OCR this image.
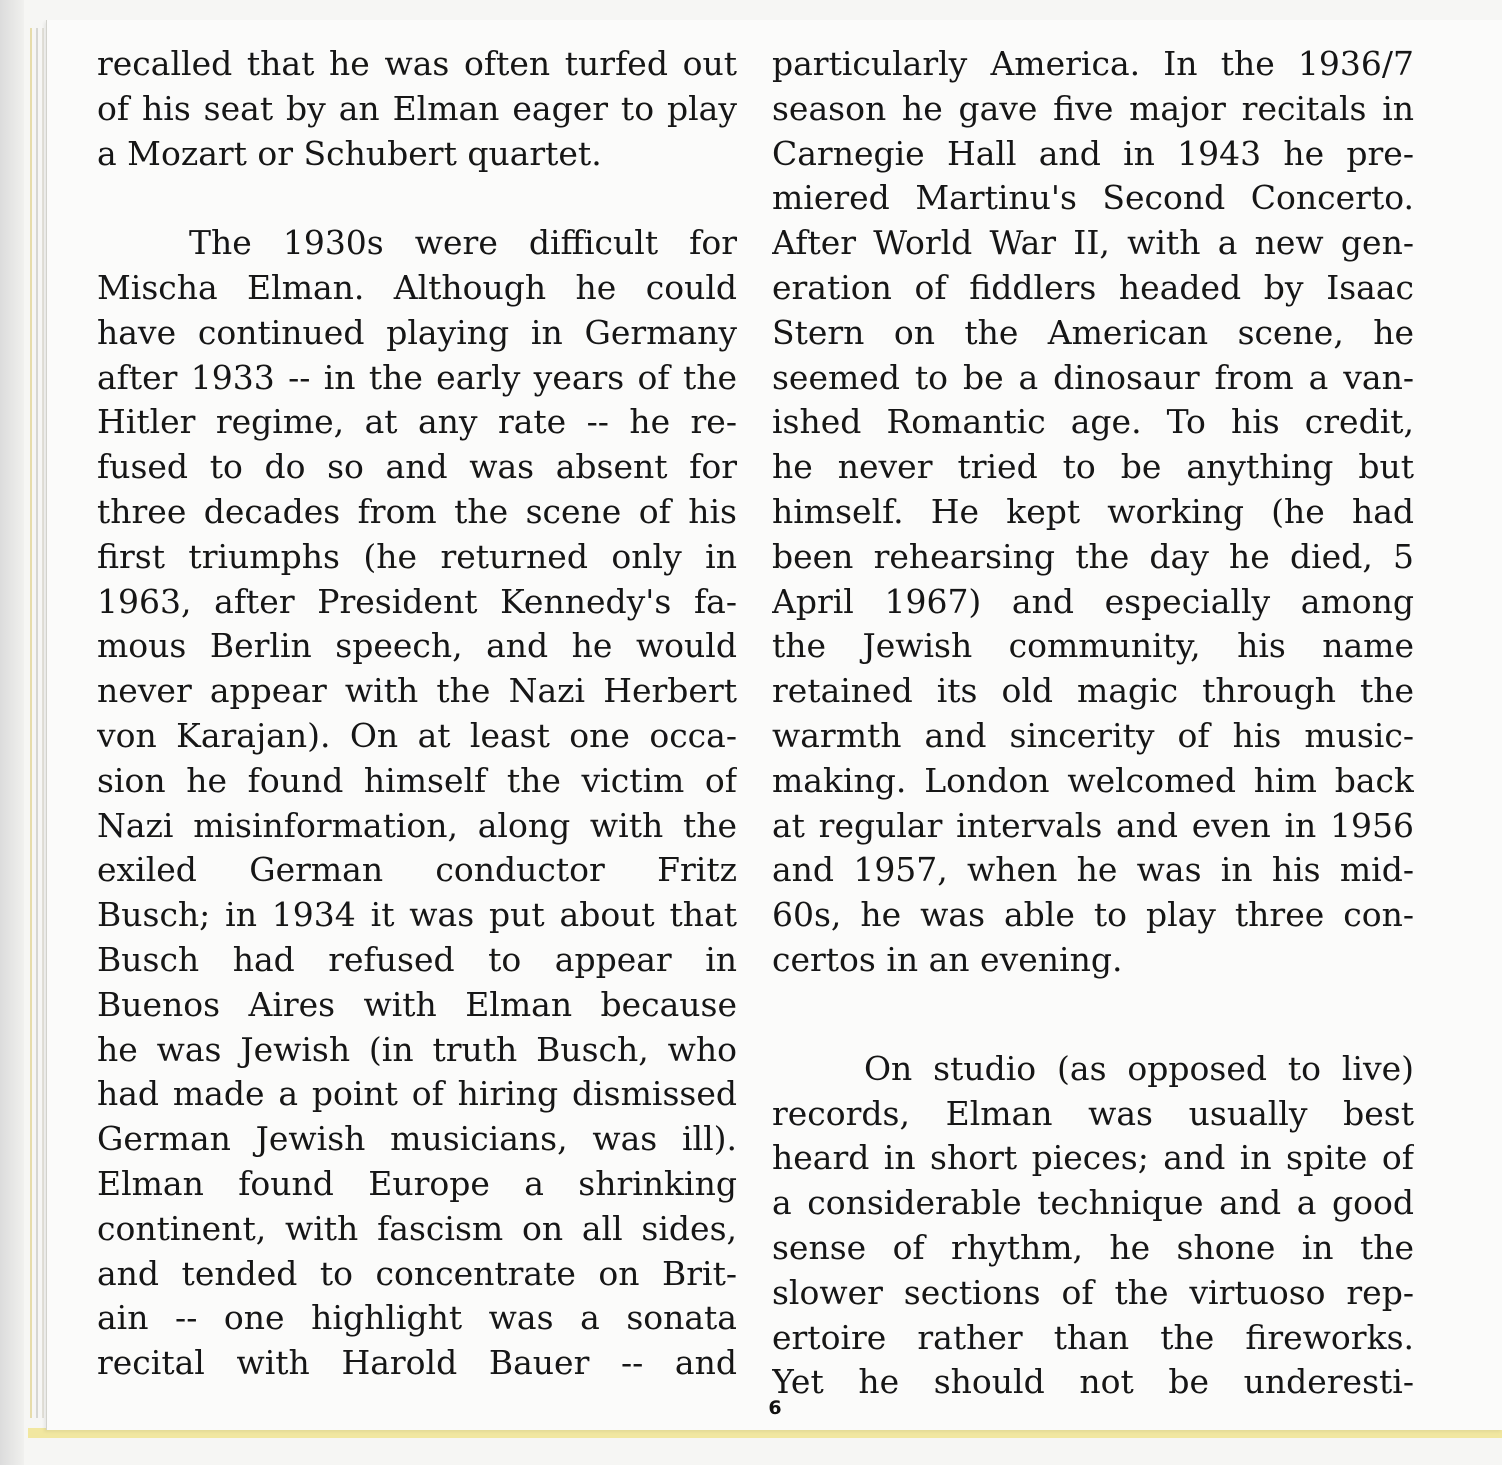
recalled that he was often turfed out
of his seat by an Elman eager to play
a Mozart or Schubert quartet.
The 1930s were difficult for
Mischa Elman. Although he could
have continued playing in Germany
after 1933 -- in the early years of the
Hitler regime, at any rate -- he re-
fused to do so and was absent for
three decades from the scene of his
first triumphs (he returned only in
1963, after President Kennedy's fa-
mous Berlin speech, and he would
never appear with the Nazi Herbert
von Karajan). On at least one occa-
sion he found himself the victim of
Nazi misinformation, along with the
exiled German conductor Fritz
Busch; in 1934 it was put about that
Busch had refused to appear in
Buenos Aires with Elman because
he was Jewish (in truth Busch, who
had made a point of hiring dismissed
German Jewish musicians, was ill).
Elman found Europe a shrinking
continent, with fascism on all sides,
and tended to concentrate on Brit-
ain -- one highlight was a sonata
recital with Harold Bauer -- and
particularly America. In the 1936/7
season he gave five major recitals in
Carnegie Hall and in 1943 he pre-
miered Martinu's Second Concerto.
After World War II, with a new gen-
eration of fiddlers headed by Isaac
Stern on the American scene, he
seemed to be a dinosaur from a van-
ished Romantic age. To his credit,
he never tried to be anything but
himself. He kept working (he had
been rehearsing the day he died, 5
April 1967) and especially among
the Jewish community, his name
retained its old magic through the
warmth and sincerity of his music-
making. London welcomed him back
at regular intervals and even in 1956
and 1957, when he was in his mid-
60s, he was able to play three con-
certos in an evening.
On studio (as opposed to live)
records, Elman was usually best
heard in short pieces; and in spite of
a considerable technique and a good
sense of rhythm, he shone in the
slower sections of the virtuoso rep-
ertoire rather than the fireworks.
Yet he should not be underesti-
6
